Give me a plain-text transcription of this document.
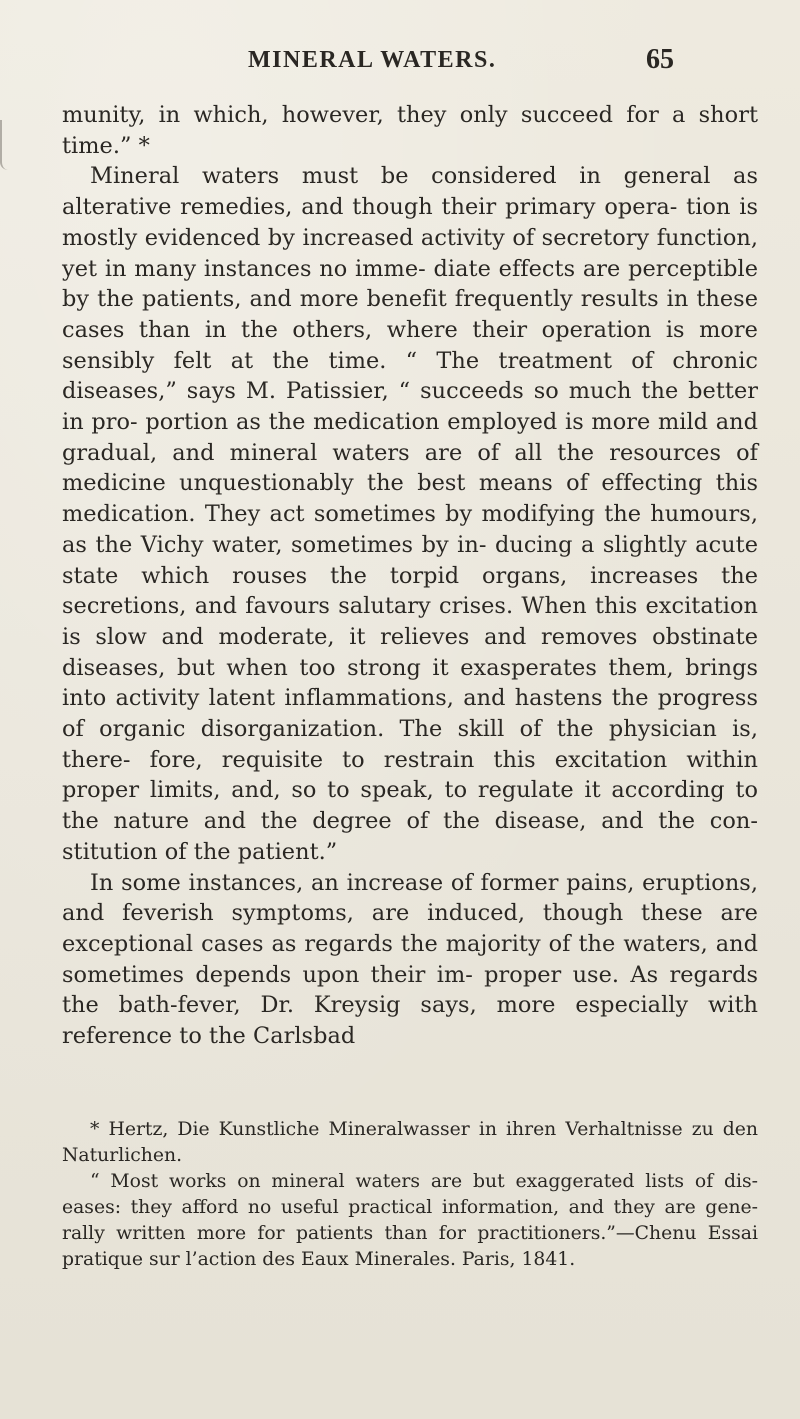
MINERAL WATERS.	65

munity, in which, however, they only succeed for a short time.” *

Mineral waters must be considered in general as alterative remedies, and though their primary opera- tion is mostly evidenced by increased activity of secretory function, yet in many instances no imme- diate effects are perceptible by the patients, and more benefit frequently results in these cases than in the others, where their operation is more sensibly felt at the time. “ The treatment of chronic diseases,” says M. Patissier, “ succeeds so much the better in pro- portion as the medication employed is more mild and gradual, and mineral waters are of all the resources of medicine unquestionably the best means of effecting this medication. They act sometimes by modifying the humours, as the Vichy water, sometimes by in- ducing a slightly acute state which rouses the torpid organs, increases the secretions, and favours salutary crises. When this excitation is slow and moderate, it relieves and removes obstinate diseases, but when too strong it exasperates them, brings into activity latent inflammations, and hastens the progress of organic disorganization. The skill of the physician is, there- fore, requisite to restrain this excitation within proper limits, and, so to speak, to regulate it according to the nature and the degree of the disease, and the con- stitution of the patient.”

In some instances, an increase of former pains, eruptions, and feverish symptoms, are induced, though these are exceptional cases as regards the majority of the waters, and sometimes depends upon their im- proper use. As regards the bath-fever, Dr. Kreysig says, more especially with reference to the Carlsbad

* Hertz, Die Kunstliche Mineralwasser in ihren Verhaltnisse zu den Naturlichen.

“ Most works on mineral waters are but exaggerated lists of dis- eases: they afford no useful practical information, and they are gene- rally written more for patients than for practitioners.”—Chenu Essai pratique sur l’action des Eaux Minerales. Paris, 1841.
